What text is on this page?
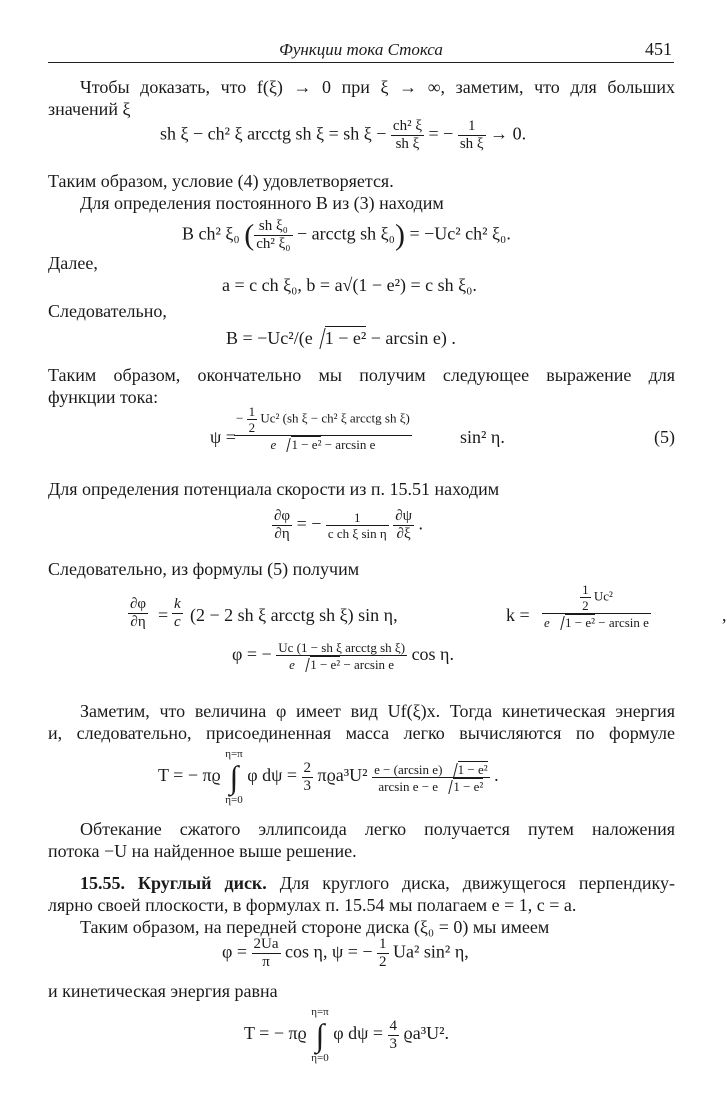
Функции тока Стокса	451
Чтобы доказать, что f(ξ) → 0 при ξ → ∞, заметим, что для больших
значений ξ
sh ξ − ch² ξ arcctg sh ξ = sh $\xi - \frac{\text{ch² ξ}}{\text{sh ξ}}$ = − $\frac{1}{\text{sh ξ}} \to 0$.
Таким образом, условие (4) удовлетворяется.
Для определения постоянного B из (3) находим
B ch² ξ₀ ( $\frac{\text{sh ξ₀}}{\text{ch² ξ₀}}$ − arcctg sh ξ₀) = −Uc² ch² ξ₀.
Далее,
a = c ch ξ₀, b = a√(1 − e²) = c sh ξ₀.
Следовательно,
B = −Uc²/(e 1 − e² − arcsin e) .
Таким образом, окончательно мы получим следующее выражение для
функции тока:
ψ =
− $\frac{1}{2} Uc^2$ (sh ξ − ch² ξ arcctg sh ξ)
e 1 − e² − arcsin e	sin² η.	(5)
Для определения потенциала скорости из п. 15.51 находим
$\frac{\partial\varphi}{\partial\eta}$ = − $\frac{1}{\text{c ch ξ sin η}}$
$\frac{\partial\psi}{\partial\xi}$ .
Следовательно, из формулы (5) получим
$\frac{\partial\varphi}{\partial\eta} = \frac{k}{c} (2 - 2$ sh ξ arcctg sh ξ) sin η,	$k = \frac{\frac{1}{2} Uc^2}{\text{e 1 − e² − arcsin e}}$	,
φ = − $\frac{\text{Uc (1 − sh ξ arcctg sh ξ)}}{\text{e 1 − e² − arcsin e}}$ cos η.
Заметим, что величина φ имеет вид Uf(ξ)x. Тогда кинетическая энергия
и, следовательно, присоединенная масса легко вычисляются по формуле
T = − πϱ η=π
∫
η=0 φ $d\psi = \frac{2}{3} \pi ϱa^3U^2 \frac{\text{e − (arcsin e) 1 − e²}}{\text{arcsin e − e 1 − e²}}$ .
Обтекание сжатого эллипсоида легко получается путем наложения
потока −U на найденное выше решение.
15.55. Круглый диск. Для круглого диска, движущегося перпендику-
лярно своей плоскости, в формулах п. 15.54 мы полагаем e = 1, c = a.
Таким образом, на передней стороне диска (ξ₀ = 0) мы имеем
$\varphi = \frac{2Ua}{\pi}$ cos η, ψ = − $\frac{1}{2} Ua^2$ sin² η,
и кинетическая энергия равна
T = − πϱ η=π
∫
η=0 φ $d\psi = \frac{4}{3} ϱa^3U^2$.
